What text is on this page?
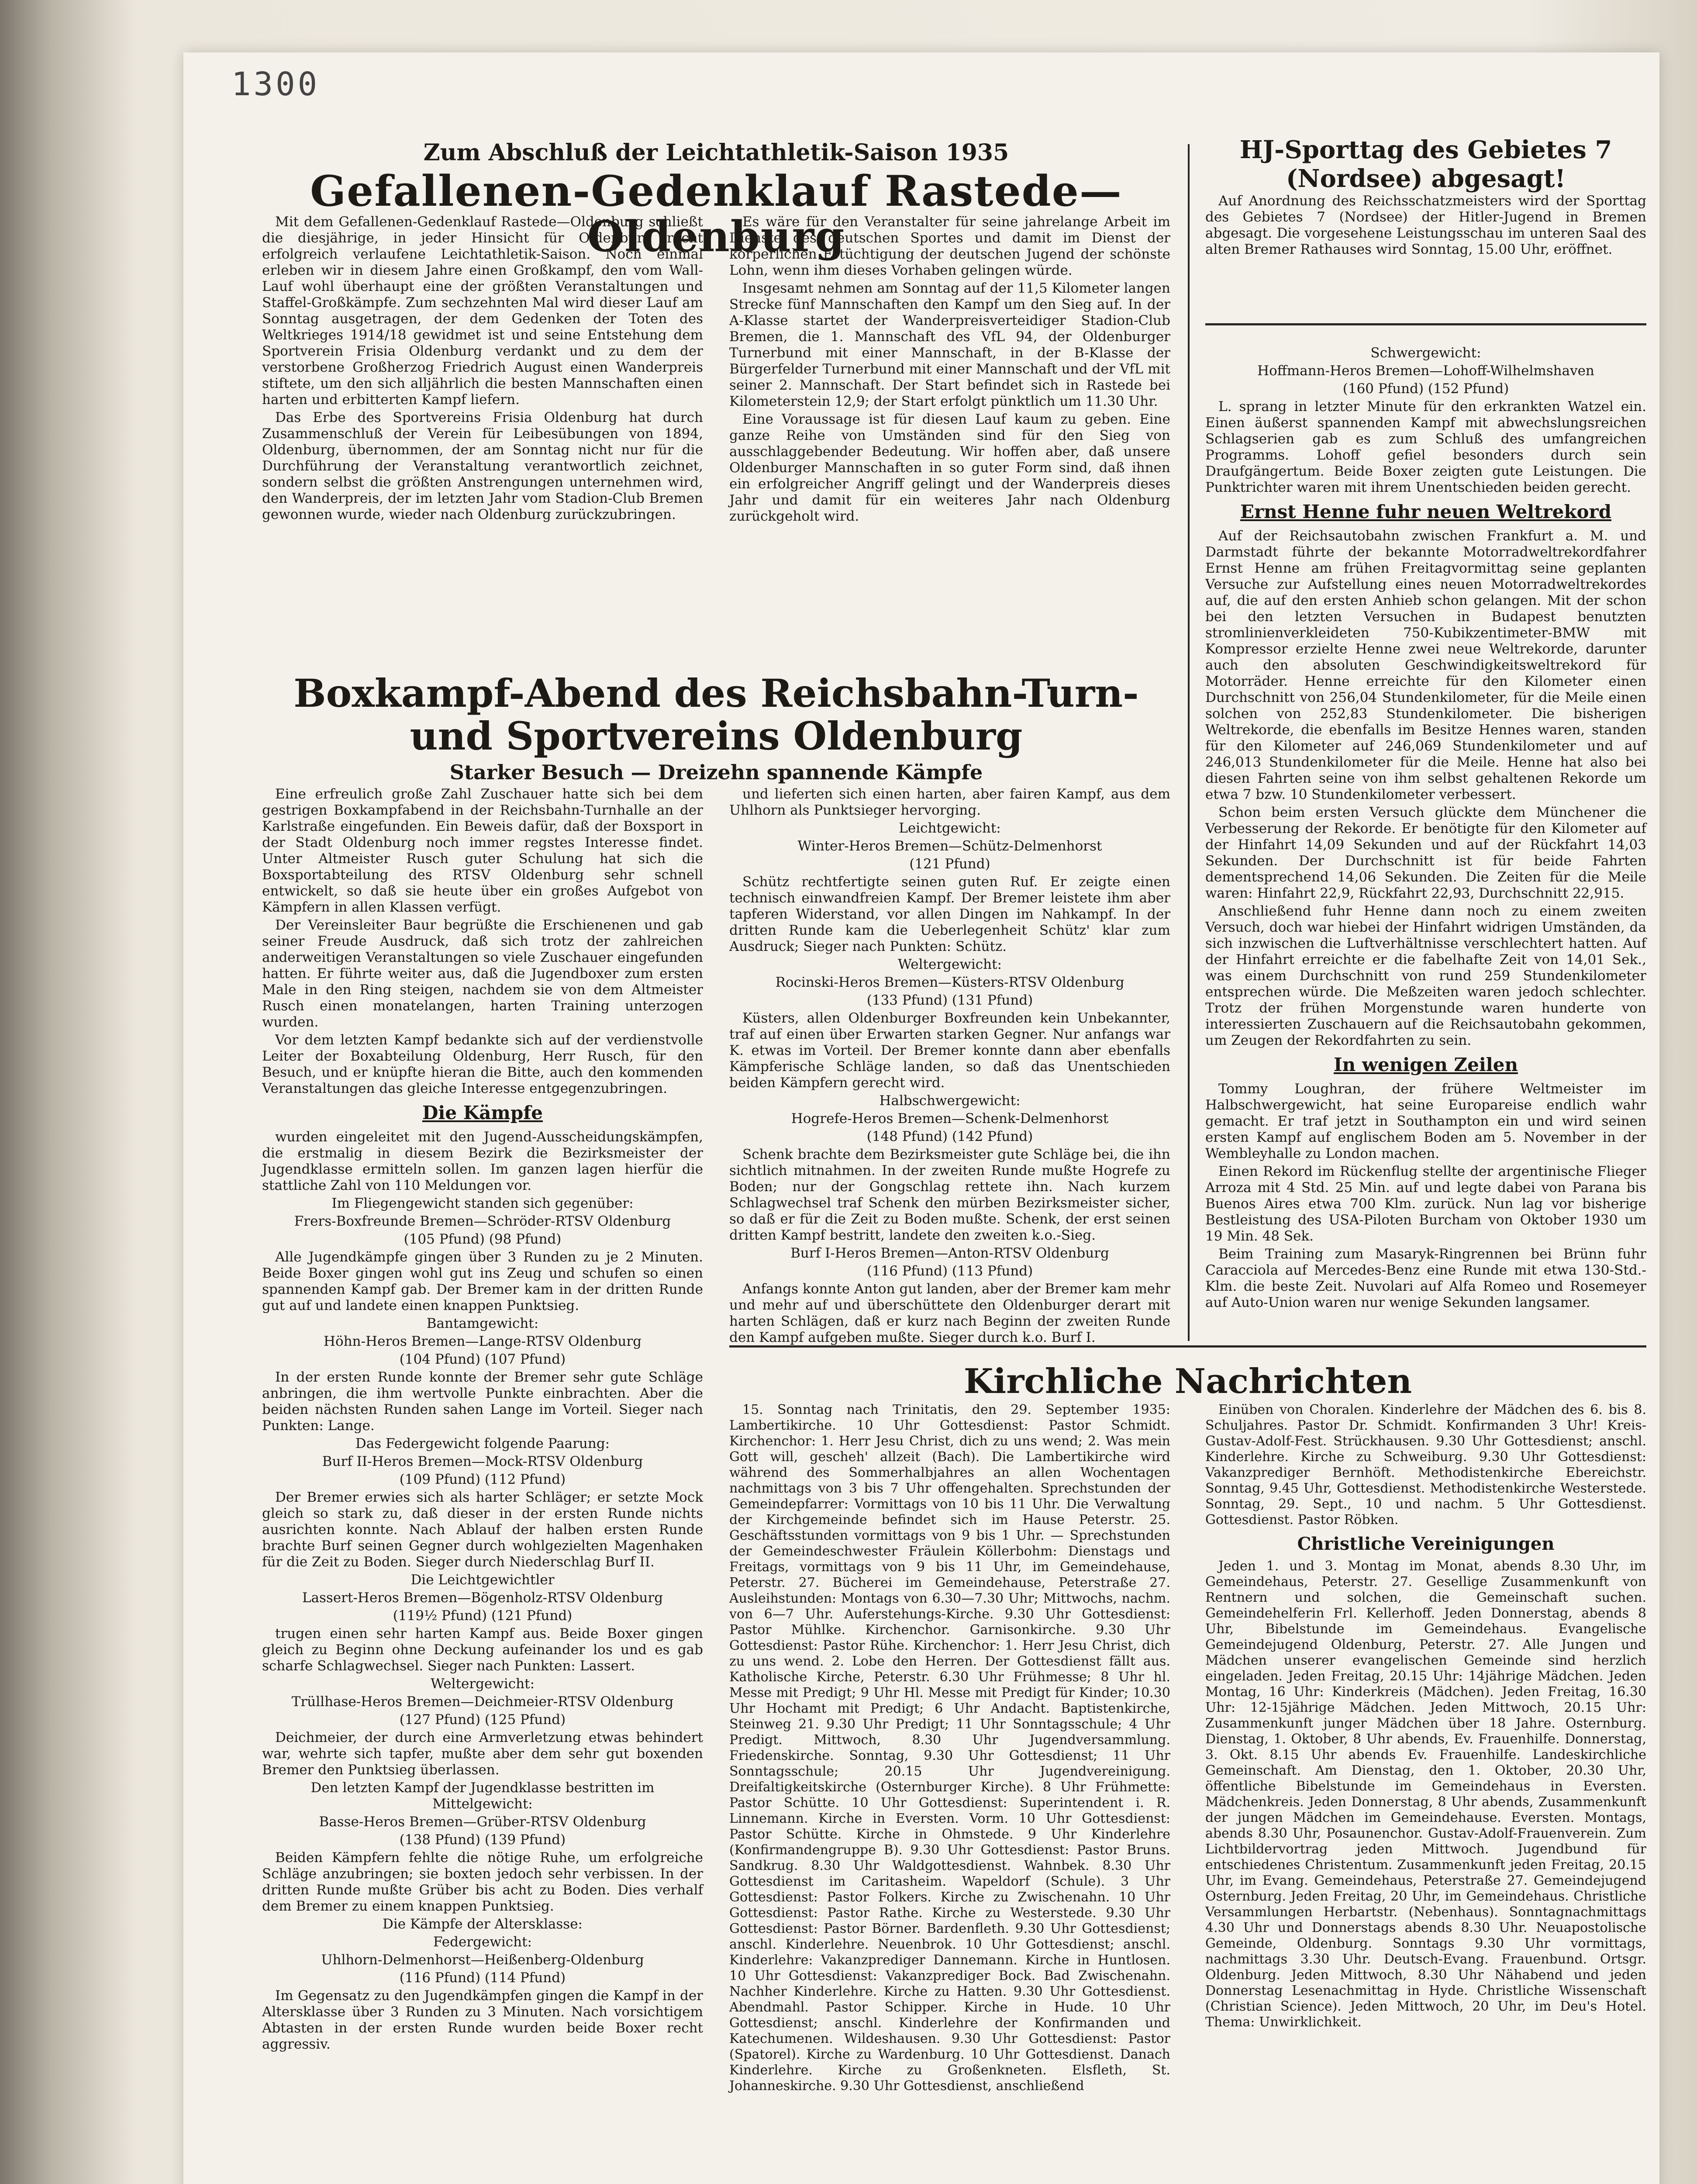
1300
Zum Abschluß der Leichtathletik-Saison 1935
Gefallenen-Gedenklauf Rastede—Oldenburg

Mit dem Gefallenen-Gedenklauf Rastede—Oldenburg schließt die diesjährige, in jeder Hinsicht für Oldenburg recht erfolgreich verlaufene Leichtathletik-Saison. Noch einmal erleben wir in diesem Jahre einen Großkampf, den vom Wall-Lauf wohl überhaupt eine der größten Veranstaltungen und Staffel-Großkämpfe. Zum sechzehnten Mal wird dieser Lauf am Sonntag ausgetragen, der dem Gedenken der Toten des Weltkrieges 1914/18 gewidmet ist und seine Entstehung dem Sportverein Frisia Oldenburg verdankt und zu dem der verstorbene Großherzog Friedrich August einen Wanderpreis stiftete, um den sich alljährlich die besten Mannschaften einen harten und erbitterten Kampf liefern.

Das Erbe des Sportvereins Frisia Oldenburg hat durch Zusammenschluß der Verein für Leibesübungen von 1894, Oldenburg, übernommen, der am Sonntag nicht nur für die Durchführung der Veranstaltung verantwortlich zeichnet, sondern selbst die größten Anstrengungen unternehmen wird, den Wanderpreis, der im letzten Jahr vom Stadion-Club Bremen gewonnen wurde, wieder nach Oldenburg zurückzubringen.

Es wäre für den Veranstalter für seine jahrelange Arbeit im Dienste des deutschen Sportes und damit im Dienst der körperlichen Ertüchtigung der deutschen Jugend der schönste Lohn, wenn ihm dieses Vorhaben gelingen würde.

Insgesamt nehmen am Sonntag auf der 11,5 Kilometer langen Strecke fünf Mannschaften den Kampf um den Sieg auf. In der A-Klasse startet der Wanderpreisverteidiger Stadion-Club Bremen, die 1. Mannschaft des VfL 94, der Oldenburger Turnerbund mit einer Mannschaft, in der B-Klasse der Bürgerfelder Turnerbund mit einer Mannschaft und der VfL mit seiner 2. Mannschaft. Der Start befindet sich in Rastede bei Kilometerstein 12,9; der Start erfolgt pünktlich um 11.30 Uhr.

Eine Voraussage ist für diesen Lauf kaum zu geben. Eine ganze Reihe von Umständen sind für den Sieg von ausschlaggebender Bedeutung. Wir hoffen aber, daß unsere Oldenburger Mannschaften in so guter Form sind, daß ihnen ein erfolgreicher Angriff gelingt und der Wanderpreis dieses Jahr und damit für ein weiteres Jahr nach Oldenburg zurückgeholt wird.

Boxkampf-Abend des Reichsbahn-Turn- und Sportvereins Oldenburg
Starker Besuch — Dreizehn spannende Kämpfe

Eine erfreulich große Zahl Zuschauer hatte sich bei dem gestrigen Boxkampfabend in der Reichsbahn-Turnhalle an der Karlstraße eingefunden. Ein Beweis dafür, daß der Boxsport in der Stadt Oldenburg noch immer regstes Interesse findet. Unter Altmeister Rusch guter Schulung hat sich die Boxsportabteilung des RTSV Oldenburg sehr schnell entwickelt, so daß sie heute über ein großes Aufgebot von Kämpfern in allen Klassen verfügt.

Der Vereinsleiter Baur begrüßte die Erschienenen und gab seiner Freude Ausdruck, daß sich trotz der zahlreichen anderweitigen Veranstaltungen so viele Zuschauer eingefunden hatten. Er führte weiter aus, daß die Jugendboxer zum ersten Male in den Ring steigen, nachdem sie von dem Altmeister Rusch einen monatelangen, harten Training unterzogen wurden.

Vor dem letzten Kampf bedankte sich auf der verdienstvolle Leiter der Boxabteilung Oldenburg, Herr Rusch, für den Besuch, und er knüpfte hieran die Bitte, auch den kommenden Veranstaltungen das gleiche Interesse entgegenzubringen.

Die Kämpfe

wurden eingeleitet mit den Jugend-Ausscheidungskämpfen, die erstmalig in diesem Bezirk die Bezirksmeister der Jugendklasse ermitteln sollen. Im ganzen lagen hierfür die stattliche Zahl von 110 Meldungen vor.

Im Fliegengewicht standen sich gegenüber:

Frers-Boxfreunde Bremen—Schröder-RTSV Oldenburg

(105 Pfund) (98 Pfund)

Alle Jugendkämpfe gingen über 3 Runden zu je 2 Minuten. Beide Boxer gingen wohl gut ins Zeug und schufen so einen spannenden Kampf gab. Der Bremer kam in der dritten Runde gut auf und landete einen knappen Punktsieg.

Bantamgewicht:

Höhn-Heros Bremen—Lange-RTSV Oldenburg

(104 Pfund) (107 Pfund)

In der ersten Runde konnte der Bremer sehr gute Schläge anbringen, die ihm wertvolle Punkte einbrachten. Aber die beiden nächsten Runden sahen Lange im Vorteil. Sieger nach Punkten: Lange.

Das Federgewicht folgende Paarung:

Burf II-Heros Bremen—Mock-RTSV Oldenburg

(109 Pfund) (112 Pfund)

Der Bremer erwies sich als harter Schläger; er setzte Mock gleich so stark zu, daß dieser in der ersten Runde nichts ausrichten konnte. Nach Ablauf der halben ersten Runde brachte Burf seinen Gegner durch wohlgezielten Magenhaken für die Zeit zu Boden. Sieger durch Niederschlag Burf II.

Die Leichtgewichtler

Lassert-Heros Bremen—Bögenholz-RTSV Oldenburg

(119½ Pfund) (121 Pfund)

trugen einen sehr harten Kampf aus. Beide Boxer gingen gleich zu Beginn ohne Deckung aufeinander los und es gab scharfe Schlagwechsel. Sieger nach Punkten: Lassert.

Weltergewicht:

Trüllhase-Heros Bremen—Deichmeier-RTSV Oldenburg

(127 Pfund) (125 Pfund)

Deichmeier, der durch eine Armverletzung etwas behindert war, wehrte sich tapfer, mußte aber dem sehr gut boxenden Bremer den Punktsieg überlassen.

Den letzten Kampf der Jugendklasse bestritten im Mittelgewicht:

Basse-Heros Bremen—Grüber-RTSV Oldenburg

(138 Pfund) (139 Pfund)

Beiden Kämpfern fehlte die nötige Ruhe, um erfolgreiche Schläge anzubringen; sie boxten jedoch sehr verbissen. In der dritten Runde mußte Grüber bis acht zu Boden. Dies verhalf dem Bremer zu einem knappen Punktsieg.

Die Kämpfe der Altersklasse:

Federgewicht:

Uhlhorn-Delmenhorst—Heißenberg-Oldenburg

(116 Pfund) (114 Pfund)

Im Gegensatz zu den Jugendkämpfen gingen die Kampf in der Altersklasse über 3 Runden zu 3 Minuten. Nach vorsichtigem Abtasten in der ersten Runde wurden beide Boxer recht aggressiv.

und lieferten sich einen harten, aber fairen Kampf, aus dem Uhlhorn als Punktsieger hervorging.

Leichtgewicht:

Winter-Heros Bremen—Schütz-Delmenhorst

(121 Pfund)

Schütz rechtfertigte seinen guten Ruf. Er zeigte einen technisch einwandfreien Kampf. Der Bremer leistete ihm aber tapferen Widerstand, vor allen Dingen im Nahkampf. In der dritten Runde kam die Ueberlegenheit Schütz' klar zum Ausdruck; Sieger nach Punkten: Schütz.

Weltergewicht:

Rocinski-Heros Bremen—Küsters-RTSV Oldenburg

(133 Pfund) (131 Pfund)

Küsters, allen Oldenburger Boxfreunden kein Unbekannter, traf auf einen über Erwarten starken Gegner. Nur anfangs war K. etwas im Vorteil. Der Bremer konnte dann aber ebenfalls Kämpferische Schläge landen, so daß das Unentschieden beiden Kämpfern gerecht wird.

Halbschwergewicht:

Hogrefe-Heros Bremen—Schenk-Delmenhorst

(148 Pfund) (142 Pfund)

Schenk brachte dem Bezirksmeister gute Schläge bei, die ihn sichtlich mitnahmen. In der zweiten Runde mußte Hogrefe zu Boden; nur der Gongschlag rettete ihn. Nach kurzem Schlagwechsel traf Schenk den mürben Bezirksmeister sicher, so daß er für die Zeit zu Boden mußte. Schenk, der erst seinen dritten Kampf bestritt, landete den zweiten k.o.-Sieg.

Burf I-Heros Bremen—Anton-RTSV Oldenburg

(116 Pfund) (113 Pfund)

Anfangs konnte Anton gut landen, aber der Bremer kam mehr und mehr auf und überschüttete den Oldenburger derart mit harten Schlägen, daß er kurz nach Beginn der zweiten Runde den Kampf aufgeben mußte. Sieger durch k.o. Burf I.

HJ-Sporttag des Gebietes 7 (Nordsee) abgesagt!

Auf Anordnung des Reichsschatzmeisters wird der Sporttag des Gebietes 7 (Nordsee) der Hitler-Jugend in Bremen abgesagt. Die vorgesehene Leistungsschau im unteren Saal des alten Bremer Rathauses wird Sonntag, 15.00 Uhr, eröffnet.

Schwergewicht:

Hoffmann-Heros Bremen—Lohoff-Wilhelmshaven

(160 Pfund) (152 Pfund)

L. sprang in letzter Minute für den erkrankten Watzel ein. Einen äußerst spannenden Kampf mit abwechslungsreichen Schlagserien gab es zum Schluß des umfangreichen Programms. Lohoff gefiel besonders durch sein Draufgängertum. Beide Boxer zeigten gute Leistungen. Die Punktrichter waren mit ihrem Unentschieden beiden gerecht.

Ernst Henne fuhr neuen Weltrekord

Auf der Reichsautobahn zwischen Frankfurt a. M. und Darmstadt führte der bekannte Motorradweltrekordfahrer Ernst Henne am frühen Freitagvormittag seine geplanten Versuche zur Aufstellung eines neuen Motorradweltrekordes auf, die auf den ersten Anhieb schon gelangen. Mit der schon bei den letzten Versuchen in Budapest benutzten stromlinienverkleideten 750-Kubikzentimeter-BMW mit Kompressor erzielte Henne zwei neue Weltrekorde, darunter auch den absoluten Geschwindigkeitsweltrekord für Motorräder. Henne erreichte für den Kilometer einen Durchschnitt von 256,04 Stundenkilometer, für die Meile einen solchen von 252,83 Stundenkilometer. Die bisherigen Weltrekorde, die ebenfalls im Besitze Hennes waren, standen für den Kilometer auf 246,069 Stundenkilometer und auf 246,013 Stundenkilometer für die Meile. Henne hat also bei diesen Fahrten seine von ihm selbst gehaltenen Rekorde um etwa 7 bzw. 10 Stundenkilometer verbessert.

Schon beim ersten Versuch glückte dem Münchener die Verbesserung der Rekorde. Er benötigte für den Kilometer auf der Hinfahrt 14,09 Sekunden und auf der Rückfahrt 14,03 Sekunden. Der Durchschnitt ist für beide Fahrten dementsprechend 14,06 Sekunden. Die Zeiten für die Meile waren: Hinfahrt 22,9, Rückfahrt 22,93, Durchschnitt 22,915.

Anschließend fuhr Henne dann noch zu einem zweiten Versuch, doch war hiebei der Hinfahrt widrigen Umständen, da sich inzwischen die Luftverhältnisse verschlechtert hatten. Auf der Hinfahrt erreichte er die fabelhafte Zeit von 14,01 Sek., was einem Durchschnitt von rund 259 Stundenkilometer entsprechen würde. Die Meßzeiten waren jedoch schlechter. Trotz der frühen Morgenstunde waren hunderte von interessierten Zuschauern auf die Reichsautobahn gekommen, um Zeugen der Rekordfahrten zu sein.

In wenigen Zeilen

Tommy Loughran, der frühere Weltmeister im Halbschwergewicht, hat seine Europareise endlich wahr gemacht. Er traf jetzt in Southampton ein und wird seinen ersten Kampf auf englischem Boden am 5. November in der Wembleyhalle zu London machen.

Einen Rekord im Rückenflug stellte der argentinische Flieger Arroza mit 4 Std. 25 Min. auf und legte dabei von Parana bis Buenos Aires etwa 700 Klm. zurück. Nun lag vor bisherige Bestleistung des USA-Piloten Burcham von Oktober 1930 um 19 Min. 48 Sek.

Beim Training zum Masaryk-Ringrennen bei Brünn fuhr Caracciola auf Mercedes-Benz eine Runde mit etwa 130-Std.-Klm. die beste Zeit. Nuvolari auf Alfa Romeo und Rosemeyer auf Auto-Union waren nur wenige Sekunden langsamer.

Kirchliche Nachrichten

15. Sonntag nach Trinitatis, den 29. September 1935: Lambertikirche. 10 Uhr Gottesdienst: Pastor Schmidt. Kirchenchor: 1. Herr Jesu Christ, dich zu uns wend; 2. Was mein Gott will, gescheh' allzeit (Bach). Die Lambertikirche wird während des Sommerhalbjahres an allen Wochentagen nachmittags von 3 bis 7 Uhr offengehalten. Sprechstunden der Gemeindepfarrer: Vormittags von 10 bis 11 Uhr. Die Verwaltung der Kirchgemeinde befindet sich im Hause Peterstr. 25. Geschäftsstunden vormittags von 9 bis 1 Uhr. — Sprechstunden der Gemeindeschwester Fräulein Köllerbohm: Dienstags und Freitags, vormittags von 9 bis 11 Uhr, im Gemeindehause, Peterstr. 27. Bücherei im Gemeindehause, Peterstraße 27. Ausleihstunden: Montags von 6.30—7.30 Uhr; Mittwochs, nachm. von 6—7 Uhr. Auferstehungs-Kirche. 9.30 Uhr Gottesdienst: Pastor Mühlke. Kirchenchor. Garnisonkirche. 9.30 Uhr Gottesdienst: Pastor Rühe. Kirchenchor: 1. Herr Jesu Christ, dich zu uns wend. 2. Lobe den Herren. Der Gottesdienst fällt aus. Katholische Kirche, Peterstr. 6.30 Uhr Frühmesse; 8 Uhr hl. Messe mit Predigt; 9 Uhr Hl. Messe mit Predigt für Kinder; 10.30 Uhr Hochamt mit Predigt; 6 Uhr Andacht. Baptistenkirche, Steinweg 21. 9.30 Uhr Predigt; 11 Uhr Sonntagsschule; 4 Uhr Predigt. Mittwoch, 8.30 Uhr Jugendversammlung. Friedenskirche. Sonntag, 9.30 Uhr Gottesdienst; 11 Uhr Sonntagsschule; 20.15 Uhr Jugendvereinigung. Dreifaltigkeitskirche (Osternburger Kirche). 8 Uhr Frühmette: Pastor Schütte. 10 Uhr Gottesdienst: Superintendent i. R. Linnemann. Kirche in Eversten. Vorm. 10 Uhr Gottesdienst: Pastor Schütte. Kirche in Ohmstede. 9 Uhr Kinderlehre (Konfirmandengruppe B). 9.30 Uhr Gottesdienst: Pastor Bruns. Sandkrug. 8.30 Uhr Waldgottesdienst. Wahnbek. 8.30 Uhr Gottesdienst im Caritasheim. Wapeldorf (Schule). 3 Uhr Gottesdienst: Pastor Folkers. Kirche zu Zwischenahn. 10 Uhr Gottesdienst: Pastor Rathe. Kirche zu Westerstede. 9.30 Uhr Gottesdienst: Pastor Börner. Bardenfleth. 9.30 Uhr Gottesdienst; anschl. Kinderlehre. Neuenbrok. 10 Uhr Gottesdienst; anschl. Kinderlehre: Vakanzprediger Dannemann. Kirche in Huntlosen. 10 Uhr Gottesdienst: Vakanzprediger Bock. Bad Zwischenahn. Nachher Kinderlehre. Kirche zu Hatten. 9.30 Uhr Gottesdienst. Abendmahl. Pastor Schipper. Kirche in Hude. 10 Uhr Gottesdienst; anschl. Kinderlehre der Konfirmanden und Katechumenen. Wildeshausen. 9.30 Uhr Gottesdienst: Pastor (Spatorel). Kirche zu Wardenburg. 10 Uhr Gottesdienst. Danach Kinderlehre. Kirche zu Großenkneten. Elsfleth, St. Johanneskirche. 9.30 Uhr Gottesdienst, anschließend

Einüben von Choralen. Kinderlehre der Mädchen des 6. bis 8. Schuljahres. Pastor Dr. Schmidt. Konfirmanden 3 Uhr! Kreis-Gustav-Adolf-Fest. Strückhausen. 9.30 Uhr Gottesdienst; anschl. Kinderlehre. Kirche zu Schweiburg. 9.30 Uhr Gottesdienst: Vakanzprediger Bernhöft. Methodistenkirche Ebereichstr. Sonntag, 9.45 Uhr, Gottesdienst. Methodistenkirche Westerstede. Sonntag, 29. Sept., 10 und nachm. 5 Uhr Gottesdienst. Gottesdienst. Pastor Röbken.

Christliche Vereinigungen

Jeden 1. und 3. Montag im Monat, abends 8.30 Uhr, im Gemeindehaus, Peterstr. 27. Gesellige Zusammenkunft von Rentnern und solchen, die Gemeinschaft suchen. Gemeindehelferin Frl. Kellerhoff. Jeden Donnerstag, abends 8 Uhr, Bibelstunde im Gemeindehaus. Evangelische Gemeindejugend Oldenburg, Peterstr. 27. Alle Jungen und Mädchen unserer evangelischen Gemeinde sind herzlich eingeladen. Jeden Freitag, 20.15 Uhr: 14jährige Mädchen. Jeden Montag, 16 Uhr: Kinderkreis (Mädchen). Jeden Freitag, 16.30 Uhr: 12-15jährige Mädchen. Jeden Mittwoch, 20.15 Uhr: Zusammenkunft junger Mädchen über 18 Jahre. Osternburg. Dienstag, 1. Oktober, 8 Uhr abends, Ev. Frauenhilfe. Donnerstag, 3. Okt. 8.15 Uhr abends Ev. Frauenhilfe. Landeskirchliche Gemeinschaft. Am Dienstag, den 1. Oktober, 20.30 Uhr, öffentliche Bibelstunde im Gemeindehaus in Eversten. Mädchenkreis. Jeden Donnerstag, 8 Uhr abends, Zusammenkunft der jungen Mädchen im Gemeindehause. Eversten. Montags, abends 8.30 Uhr, Posaunenchor. Gustav-Adolf-Frauenverein. Zum Lichtbildervortrag jeden Mittwoch. Jugendbund für entschiedenes Christentum. Zusammenkunft jeden Freitag, 20.15 Uhr, im Evang. Gemeindehaus, Peterstraße 27. Gemeindejugend Osternburg. Jeden Freitag, 20 Uhr, im Gemeindehaus. Christliche Versammlungen Herbartstr. (Nebenhaus). Sonntagnachmittags 4.30 Uhr und Donnerstags abends 8.30 Uhr. Neuapostolische Gemeinde, Oldenburg. Sonntags 9.30 Uhr vormittags, nachmittags 3.30 Uhr. Deutsch-Evang. Frauenbund. Ortsgr. Oldenburg. Jeden Mittwoch, 8.30 Uhr Nähabend und jeden Donnerstag Lesenachmittag in Hyde. Christliche Wissenschaft (Christian Science). Jeden Mittwoch, 20 Uhr, im Deu's Hotel. Thema: Unwirklichkeit.
